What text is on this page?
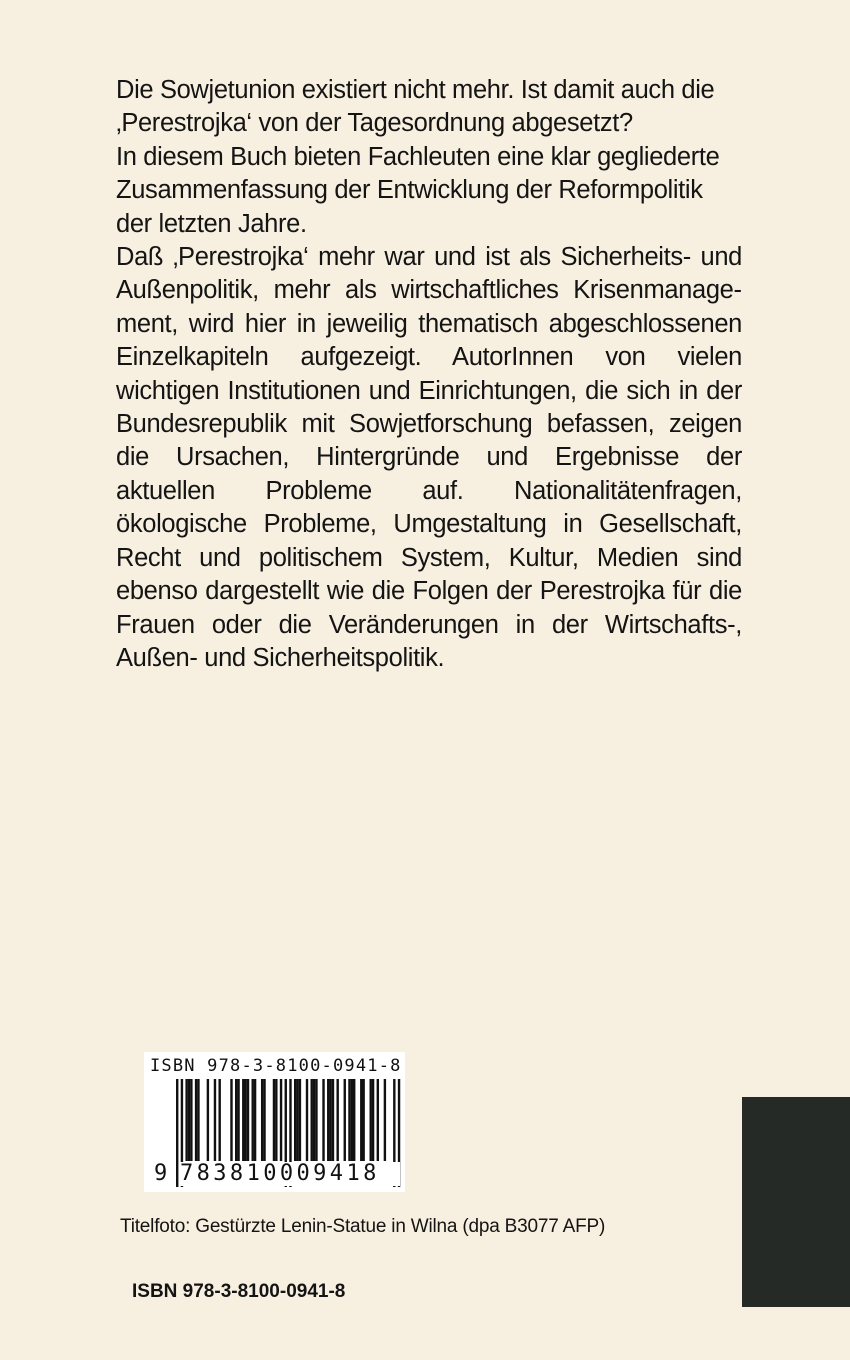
Die Sowjetunion existiert nicht mehr. Ist damit auch die ‚Perestrojka‘ von der Tagesordnung abgesetzt?

In diesem Buch bieten Fachleuten eine klar gegliederte Zusammenfassung der Entwicklung der Reformpolitik der letzten Jahre.

Daß ‚Perestrojka‘ mehr war und ist als Sicherheits- und Außenpolitik, mehr als wirtschaftliches Krisenmanagement, wird hier in jeweilig thematisch abgeschlossenen Einzelkapiteln aufgezeigt. AutorInnen von vielen wichtigen Institutionen und Einrichtungen, die sich in der Bundesrepublik mit Sowjetforschung befassen, zeigen die Ursachen, Hintergründe und Ergebnisse der aktuellen Probleme auf. Nationalitätenfragen, ökologische Probleme, Umgestaltung in Gesellschaft, Recht und politischem System, Kultur, Medien sind ebenso dargestellt wie die Folgen der Perestrojka für die Frauen oder die Veränderungen in der Wirtschafts-, Außen- und Sicherheitspolitik.

ISBN 978-3-8100-0941-8
9 783810009418
Titelfoto: Gestürzte Lenin-Statue in Wilna (dpa B3077 AFP)
ISBN 978-3-8100-0941-8
